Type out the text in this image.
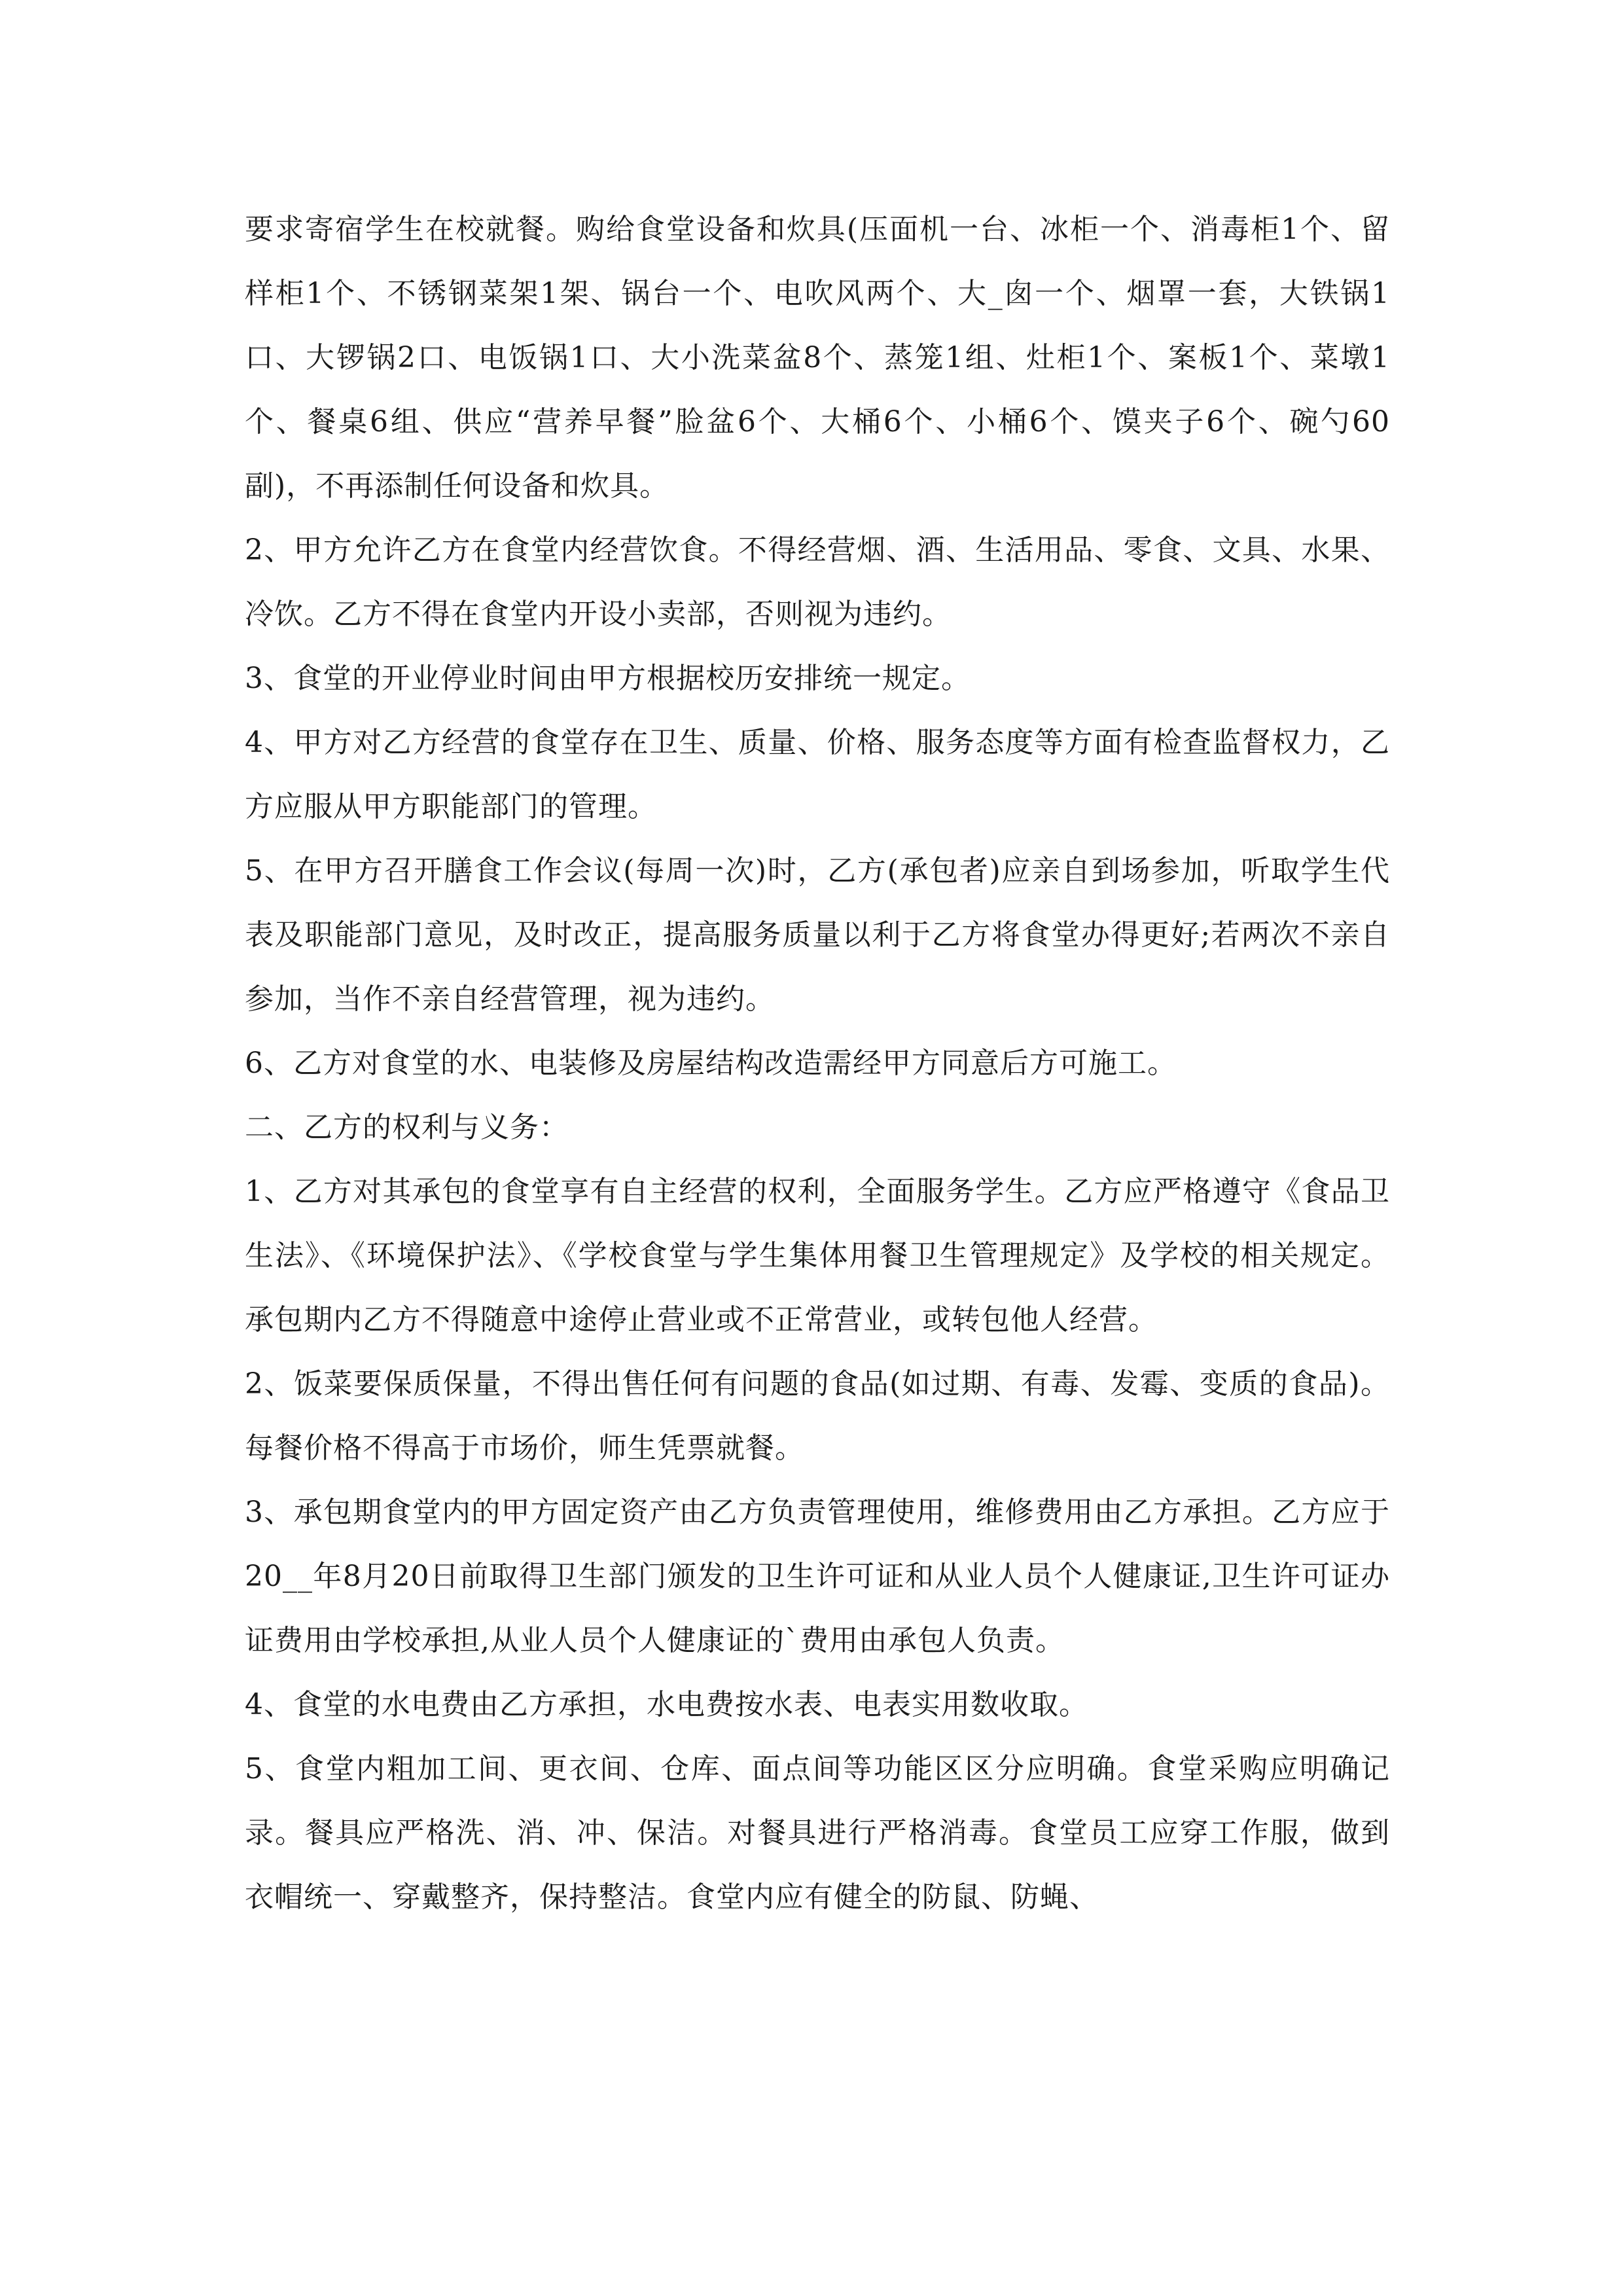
要求寄宿学生在校就餐。购给食堂设备和炊具(压面机一台、冰柜一个、消毒柜1个、留样柜1个、不锈钢菜架1架、锅台一个、电吹风两个、大_囱一个、烟罩一套，大铁锅1口、大锣锅2口、电饭锅1口、大小洗菜盆8个、蒸笼1组、灶柜1个、案板1个、菜墩1个、餐桌6组、供应“营养早餐”脸盆6个、大桶6个、小桶6个、馍夹子6个、碗勺60副)，不再添制任何设备和炊具。

2、甲方允许乙方在食堂内经营饮食。不得经营烟、酒、生活用品、零食、文具、水果、冷饮。乙方不得在食堂内开设小卖部，否则视为违约。

3、食堂的开业停业时间由甲方根据校历安排统一规定。

4、甲方对乙方经营的食堂存在卫生、质量、价格、服务态度等方面有检查监督权力，乙方应服从甲方职能部门的管理。

5、在甲方召开膳食工作会议(每周一次)时，乙方(承包者)应亲自到场参加，听取学生代表及职能部门意见，及时改正，提高服务质量以利于乙方将食堂办得更好;若两次不亲自参加，当作不亲自经营管理，视为违约。

6、乙方对食堂的水、电装修及房屋结构改造需经甲方同意后方可施工。

二、乙方的权利与义务：

1、乙方对其承包的食堂享有自主经营的权利，全面服务学生。乙方应严格遵守《食品卫生法》、《环境保护法》、《学校食堂与学生集体用餐卫生管理规定》及学校的相关规定。承包期内乙方不得随意中途停止营业或不正常营业，或转包他人经营。

2、饭菜要保质保量，不得出售任何有问题的食品(如过期、有毒、发霉、变质的食品)。每餐价格不得高于市场价，师生凭票就餐。

3、承包期食堂内的甲方固定资产由乙方负责管理使用，维修费用由乙方承担。乙方应于20__年8月20日前取得卫生部门颁发的卫生许可证和从业人员个人健康证,卫生许可证办证费用由学校承担,从业人员个人健康证的`费用由承包人负责。

4、食堂的水电费由乙方承担，水电费按水表、电表实用数收取。

5、食堂内粗加工间、更衣间、仓库、面点间等功能区区分应明确。食堂采购应明确记录。餐具应严格洗、消、冲、保洁。对餐具进行严格消毒。食堂员工应穿工作服，做到衣帽统一、穿戴整齐，保持整洁。食堂内应有健全的防鼠、防蝇、
